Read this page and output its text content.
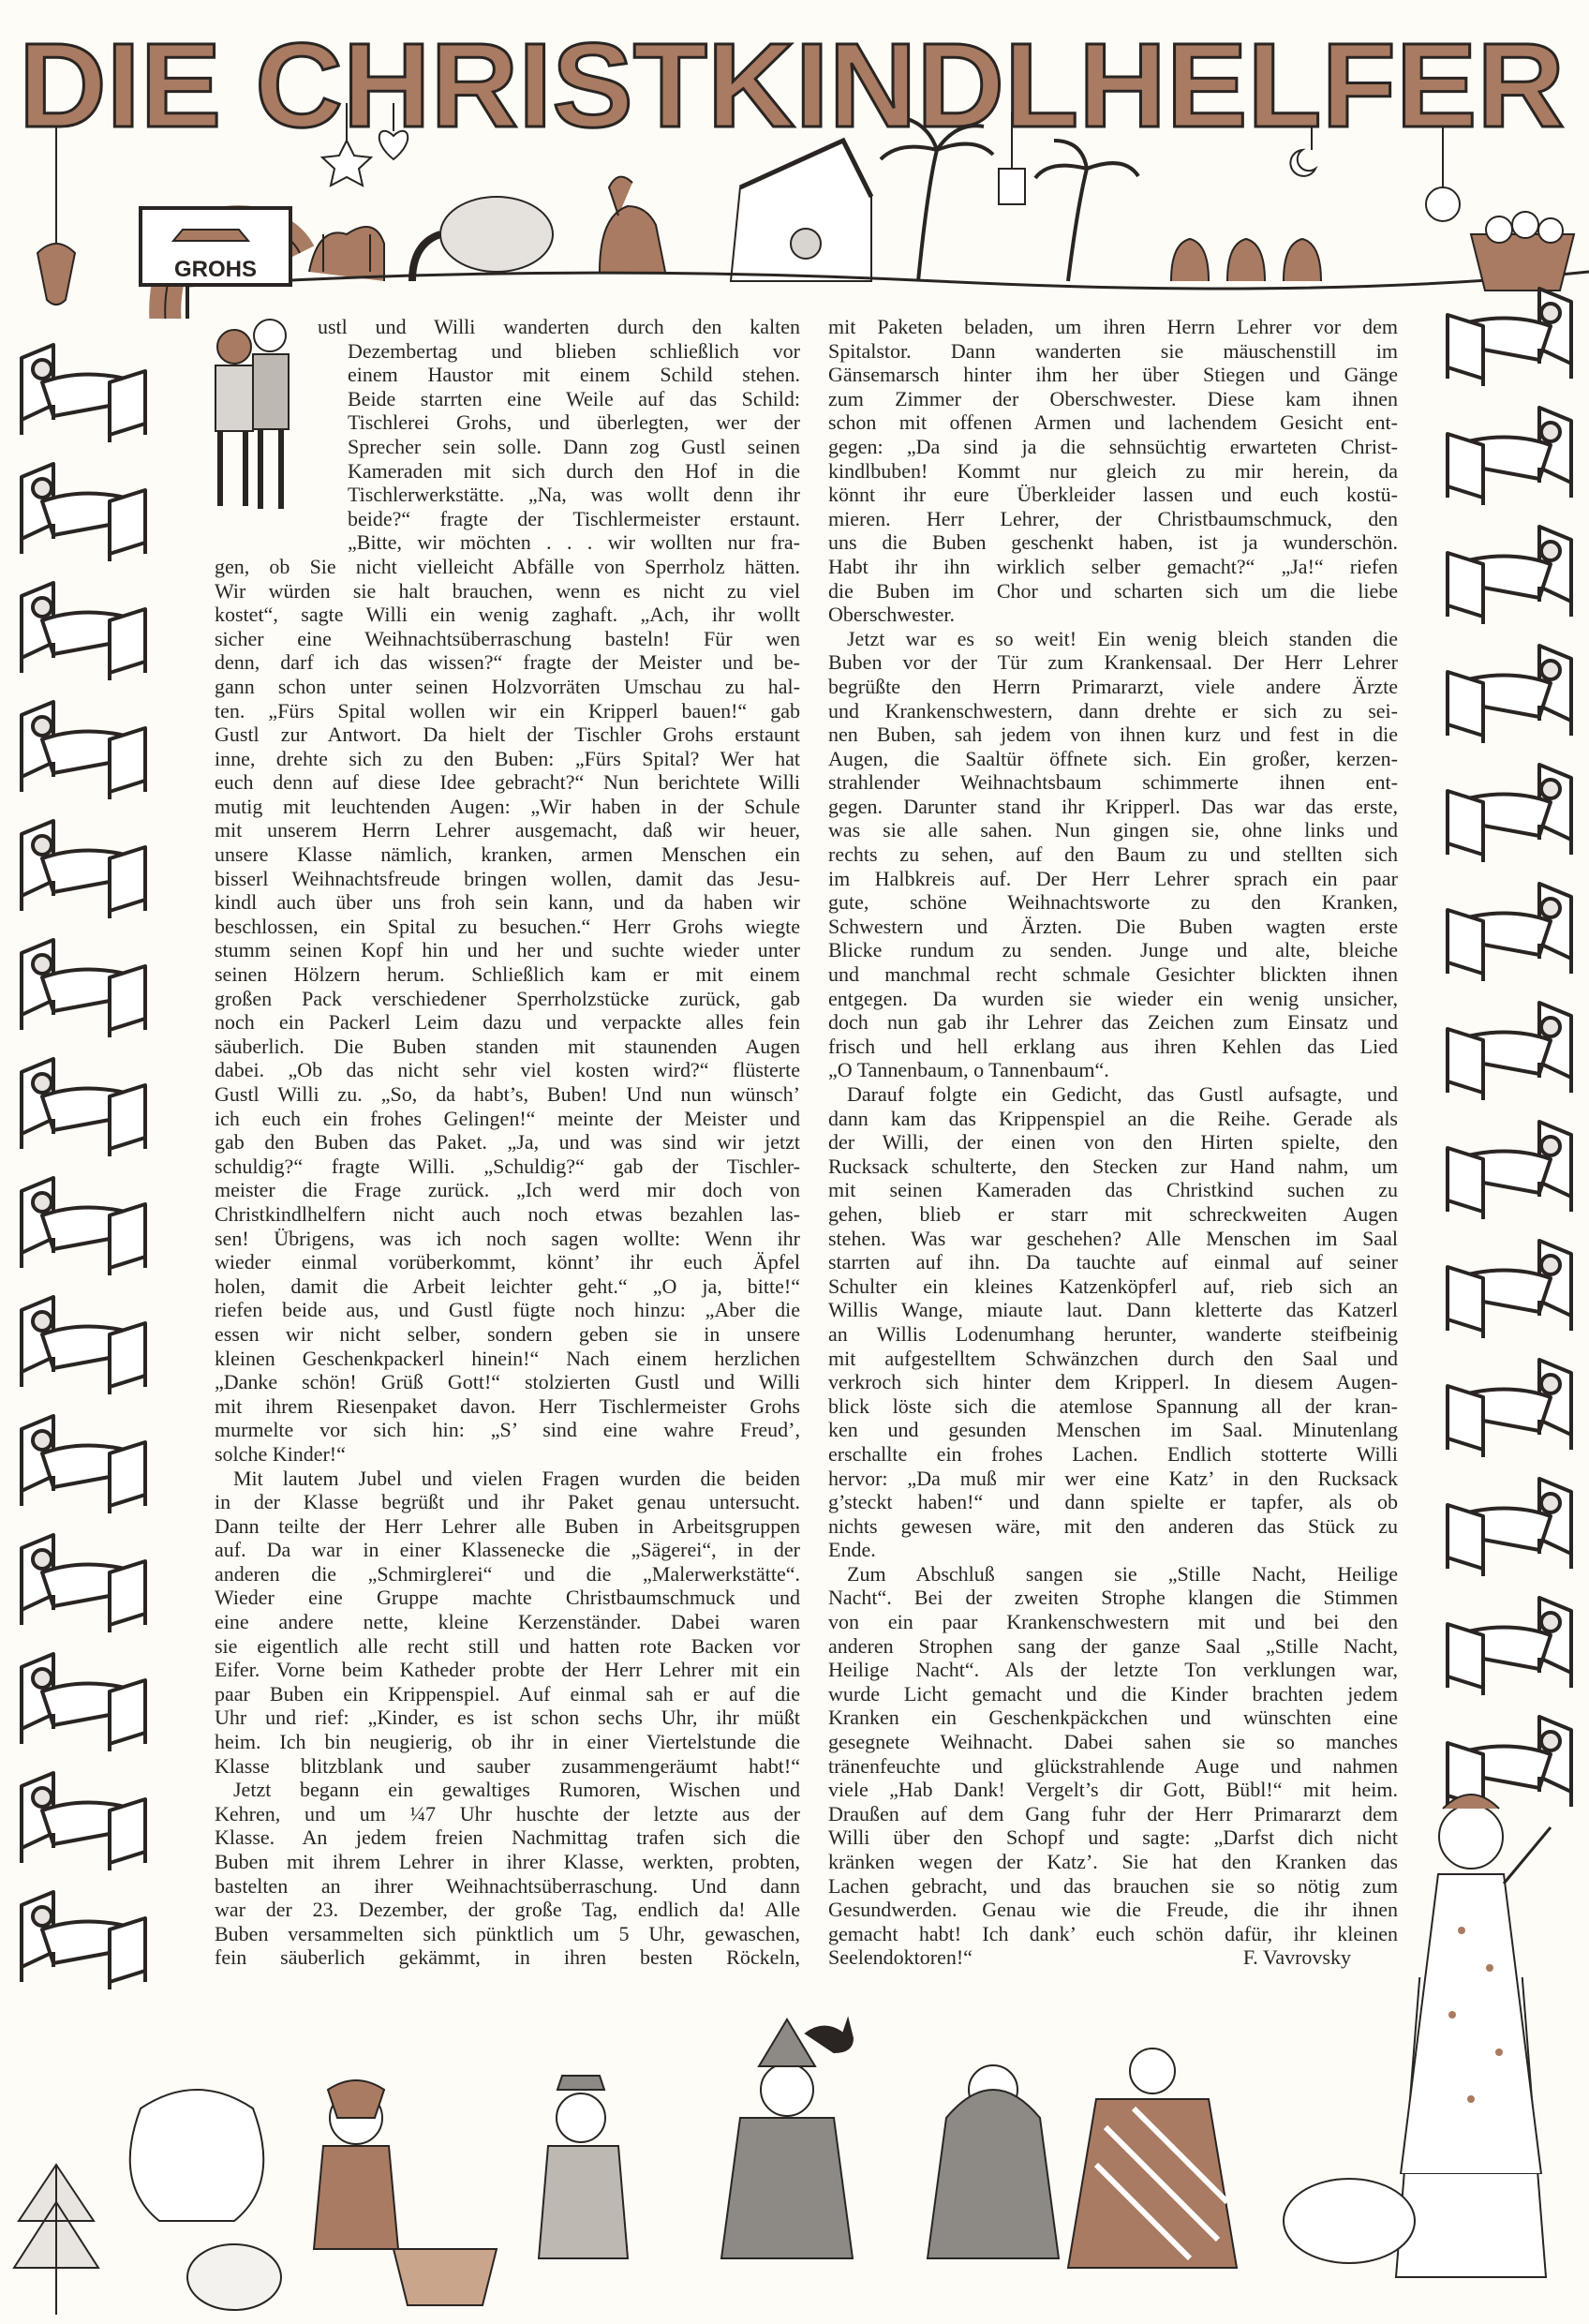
DIE CHRISTKINDLHELFER
GROHS
ustl und Willi wanderten durch den kalten
Dezembertag und blieben schließlich vor
einem Haustor mit einem Schild stehen.
Beide starrten eine Weile auf das Schild:
Tischlerei Grohs, und überlegten, wer der
Sprecher sein solle. Dann zog Gustl seinen
Kameraden mit sich durch den Hof in die
Tischlerwerkstätte. „Na, was wollt denn ihr
beide?“ fragte der Tischlermeister erstaunt.
„Bitte, wir möchten . . . wir wollten nur fra-
gen, ob Sie nicht vielleicht Abfälle von Sperrholz hätten.
Wir würden sie halt brauchen, wenn es nicht zu viel
kostet“, sagte Willi ein wenig zaghaft. „Ach, ihr wollt
sicher eine Weihnachtsüberraschung basteln! Für wen
denn, darf ich das wissen?“ fragte der Meister und be-
gann schon unter seinen Holzvorräten Umschau zu hal-
ten. „Fürs Spital wollen wir ein Kripperl bauen!“ gab
Gustl zur Antwort. Da hielt der Tischler Grohs erstaunt
inne, drehte sich zu den Buben: „Fürs Spital? Wer hat
euch denn auf diese Idee gebracht?“ Nun berichtete Willi
mutig mit leuchtenden Augen: „Wir haben in der Schule
mit unserem Herrn Lehrer ausgemacht, daß wir heuer,
unsere Klasse nämlich, kranken, armen Menschen ein
bisserl Weihnachtsfreude bringen wollen, damit das Jesu-
kindl auch über uns froh sein kann, und da haben wir
beschlossen, ein Spital zu besuchen.“ Herr Grohs wiegte
stumm seinen Kopf hin und her und suchte wieder unter
seinen Hölzern herum. Schließlich kam er mit einem
großen Pack verschiedener Sperrholzstücke zurück, gab
noch ein Packerl Leim dazu und verpackte alles fein
säuberlich. Die Buben standen mit staunenden Augen
dabei. „Ob das nicht sehr viel kosten wird?“ flüsterte
Gustl Willi zu. „So, da habt’s, Buben! Und nun wünsch’
ich euch ein frohes Gelingen!“ meinte der Meister und
gab den Buben das Paket. „Ja, und was sind wir jetzt
schuldig?“ fragte Willi. „Schuldig?“ gab der Tischler-
meister die Frage zurück. „Ich werd mir doch von
Christkindlhelfern nicht auch noch etwas bezahlen las-
sen! Übrigens, was ich noch sagen wollte: Wenn ihr
wieder einmal vorüberkommt, könnt’ ihr euch Äpfel
holen, damit die Arbeit leichter geht.“ „O ja, bitte!“
riefen beide aus, und Gustl fügte noch hinzu: „Aber die
essen wir nicht selber, sondern geben sie in unsere
kleinen Geschenkpackerl hinein!“ Nach einem herzlichen
„Danke schön! Grüß Gott!“ stolzierten Gustl und Willi
mit ihrem Riesenpaket davon. Herr Tischlermeister Grohs
murmelte vor sich hin: „S’ sind eine wahre Freud’,
solche Kinder!“
Mit lautem Jubel und vielen Fragen wurden die beiden
in der Klasse begrüßt und ihr Paket genau untersucht.
Dann teilte der Herr Lehrer alle Buben in Arbeitsgruppen
auf. Da war in einer Klassenecke die „Sägerei“, in der
anderen die „Schmirglerei“ und die „Malerwerkstätte“.
Wieder eine Gruppe machte Christbaumschmuck und
eine andere nette, kleine Kerzenständer. Dabei waren
sie eigentlich alle recht still und hatten rote Backen vor
Eifer. Vorne beim Katheder probte der Herr Lehrer mit ein
paar Buben ein Krippenspiel. Auf einmal sah er auf die
Uhr und rief: „Kinder, es ist schon sechs Uhr, ihr müßt
heim. Ich bin neugierig, ob ihr in einer Viertelstunde die
Klasse blitzblank und sauber zusammengeräumt habt!“
Jetzt begann ein gewaltiges Rumoren, Wischen und
Kehren, und um ¼7 Uhr huschte der letzte aus der
Klasse. An jedem freien Nachmittag trafen sich die
Buben mit ihrem Lehrer in ihrer Klasse, werkten, probten,
bastelten an ihrer Weihnachtsüberraschung. Und dann
war der 23. Dezember, der große Tag, endlich da! Alle
Buben versammelten sich pünktlich um 5 Uhr, gewaschen,
fein säuberlich gekämmt, in ihren besten Röckeln,
mit Paketen beladen, um ihren Herrn Lehrer vor dem
Spitalstor. Dann wanderten sie mäuschenstill im
Gänsemarsch hinter ihm her über Stiegen und Gänge
zum Zimmer der Oberschwester. Diese kam ihnen
schon mit offenen Armen und lachendem Gesicht ent-
gegen: „Da sind ja die sehnsüchtig erwarteten Christ-
kindlbuben! Kommt nur gleich zu mir herein, da
könnt ihr eure Überkleider lassen und euch kostü-
mieren. Herr Lehrer, der Christbaumschmuck, den
uns die Buben geschenkt haben, ist ja wunderschön.
Habt ihr ihn wirklich selber gemacht?“ „Ja!“ riefen
die Buben im Chor und scharten sich um die liebe
Oberschwester.
Jetzt war es so weit! Ein wenig bleich standen die
Buben vor der Tür zum Krankensaal. Der Herr Lehrer
begrüßte den Herrn Primararzt, viele andere Ärzte
und Krankenschwestern, dann drehte er sich zu sei-
nen Buben, sah jedem von ihnen kurz und fest in die
Augen, die Saaltür öffnete sich. Ein großer, kerzen-
strahlender Weihnachtsbaum schimmerte ihnen ent-
gegen. Darunter stand ihr Kripperl. Das war das erste,
was sie alle sahen. Nun gingen sie, ohne links und
rechts zu sehen, auf den Baum zu und stellten sich
im Halbkreis auf. Der Herr Lehrer sprach ein paar
gute, schöne Weihnachtsworte zu den Kranken,
Schwestern und Ärzten. Die Buben wagten erste
Blicke rundum zu senden. Junge und alte, bleiche
und manchmal recht schmale Gesichter blickten ihnen
entgegen. Da wurden sie wieder ein wenig unsicher,
doch nun gab ihr Lehrer das Zeichen zum Einsatz und
frisch und hell erklang aus ihren Kehlen das Lied
„O Tannenbaum, o Tannenbaum“.
Darauf folgte ein Gedicht, das Gustl aufsagte, und
dann kam das Krippenspiel an die Reihe. Gerade als
der Willi, der einen von den Hirten spielte, den
Rucksack schulterte, den Stecken zur Hand nahm, um
mit seinen Kameraden das Christkind suchen zu
gehen, blieb er starr mit schreckweiten Augen
stehen. Was war geschehen? Alle Menschen im Saal
starrten auf ihn. Da tauchte auf einmal auf seiner
Schulter ein kleines Katzenköpferl auf, rieb sich an
Willis Wange, miaute laut. Dann kletterte das Katzerl
an Willis Lodenumhang herunter, wanderte steifbeinig
mit aufgestelltem Schwänzchen durch den Saal und
verkroch sich hinter dem Kripperl. In diesem Augen-
blick löste sich die atemlose Spannung all der kran-
ken und gesunden Menschen im Saal. Minutenlang
erschallte ein frohes Lachen. Endlich stotterte Willi
hervor: „Da muß mir wer eine Katz’ in den Rucksack
g’steckt haben!“ und dann spielte er tapfer, als ob
nichts gewesen wäre, mit den anderen das Stück zu
Ende.
Zum Abschluß sangen sie „Stille Nacht, Heilige
Nacht“. Bei der zweiten Strophe klangen die Stimmen
von ein paar Krankenschwestern mit und bei den
anderen Strophen sang der ganze Saal „Stille Nacht,
Heilige Nacht“. Als der letzte Ton verklungen war,
wurde Licht gemacht und die Kinder brachten jedem
Kranken ein Geschenkpäckchen und wünschten eine
gesegnete Weihnacht. Dabei sahen sie so manches
tränenfeuchte und glückstrahlende Auge und nahmen
viele „Hab Dank! Vergelt’s dir Gott, Bübl!“ mit heim.
Draußen auf dem Gang fuhr der Herr Primararzt dem
Willi über den Schopf und sagte: „Darfst dich nicht
kränken wegen der Katz’. Sie hat den Kranken das
Lachen gebracht, und das brauchen sie so nötig zum
Gesundwerden. Genau wie die Freude, die ihr ihnen
gemacht habt! Ich dank’ euch schön dafür, ihr kleinen
Seelendoktoren!“	F. Vavrovsky
